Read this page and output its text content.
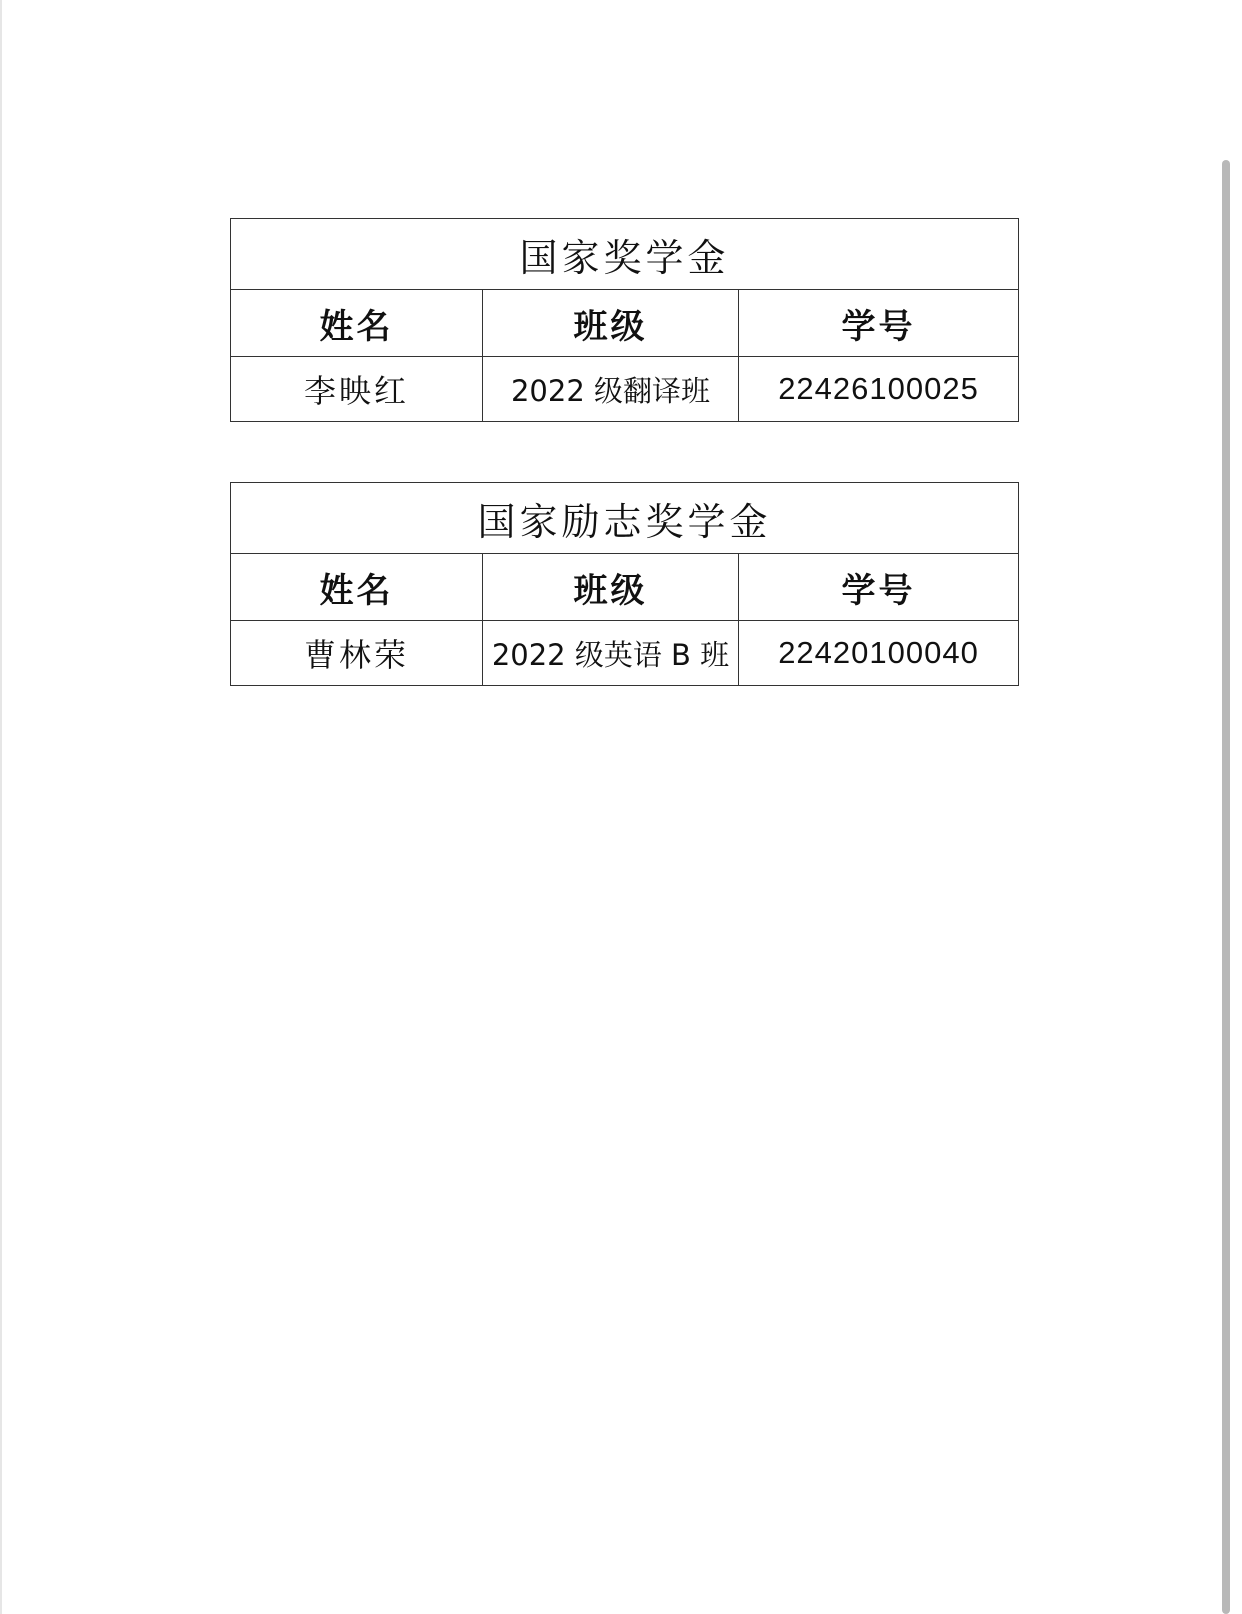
国家奖学金		
姓名	班级	学号
李映红	2022 级翻译班	22426100025
国家励志奖学金		
姓名	班级	学号
曹林荣	2022 级英语 B 班	22420100040
